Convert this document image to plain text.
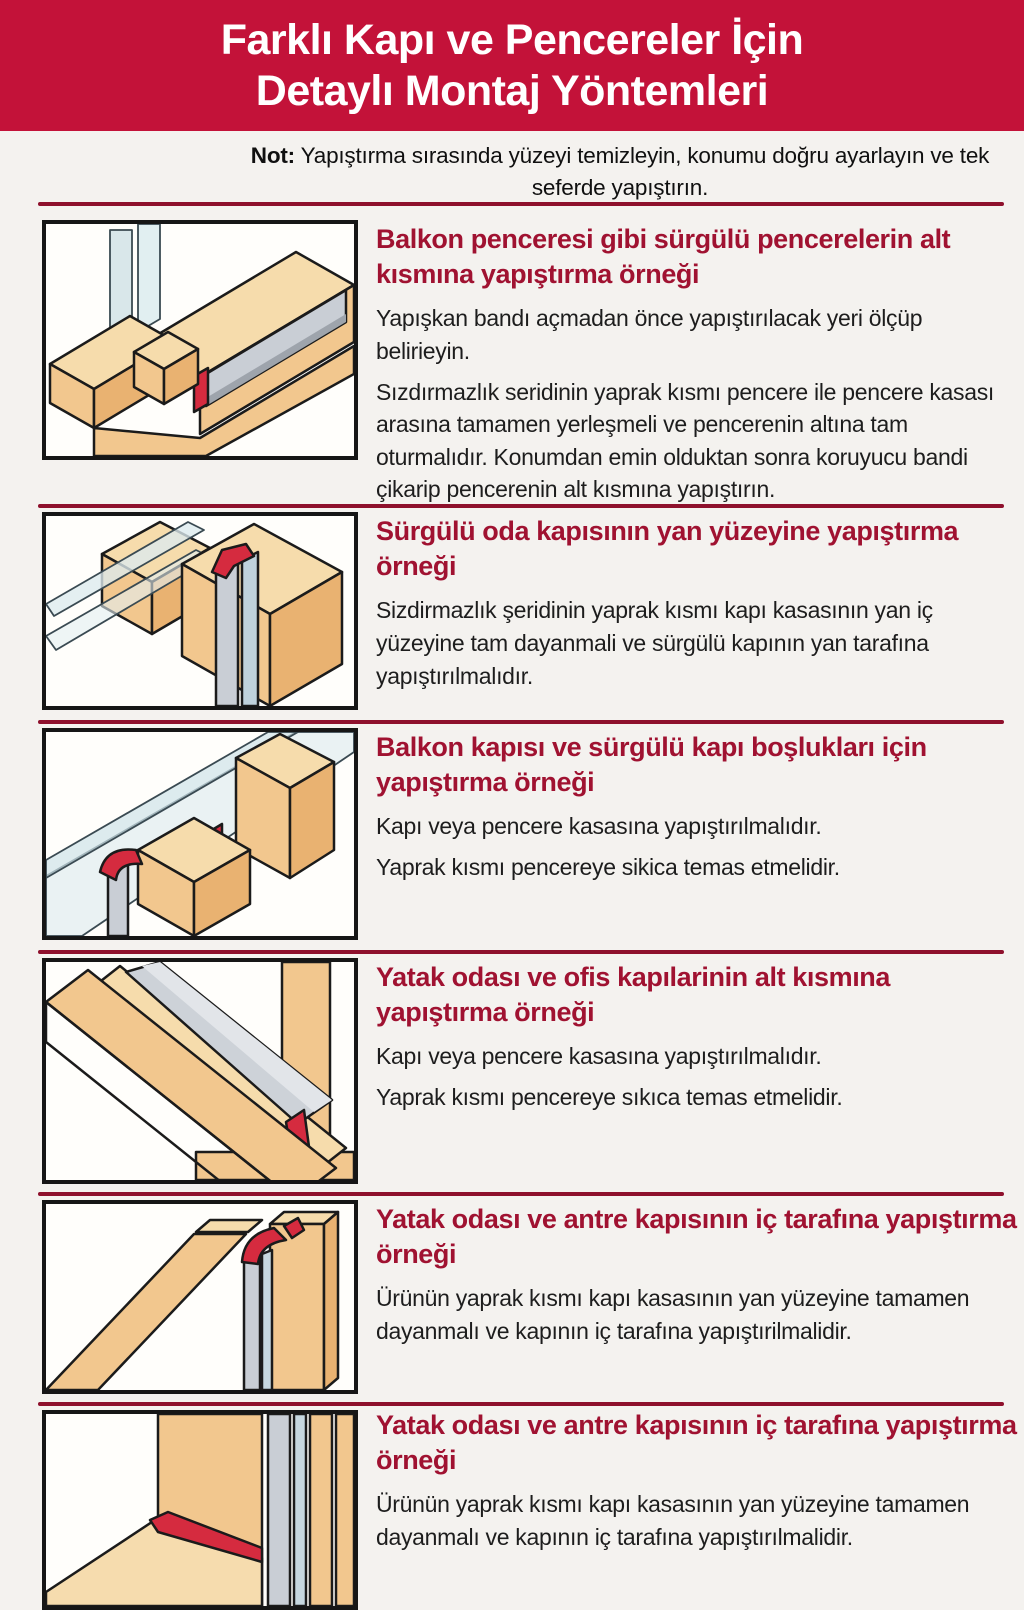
Farklı Kapı ve Pencereler İçin
Detaylı Montaj Yöntemleri
Not: Yapıştırma sırasında yüzeyi temizleyin, konumu doğru ayarlayın ve tek seferde yapıştırın.
Balkon penceresi gibi sürgülü pencerelerin alt kısmına yapıştırma örneği

Yapışkan bandı açmadan önce yapıştırılacak yeri ölçüp belirieyin.

Sızdırmazlık seridinin yaprak kısmı pencere ile pencere kasası arasına tamamen yerleşmeli ve pencerenin altına tam oturmalıdır. Konumdan emin olduktan sonra koruyucu bandi çikarip pencerenin alt kısmına yapıştırın.

Sürgülü oda kapısının yan yüzeyine yapıştırma örneği

Sizdirmazlık şeridinin yaprak kısmı kapı kasasının yan iç yüzeyine tam dayanmali ve sürgülü kapının yan tarafına yapıştırılmalıdır.

Balkon kapısı ve sürgülü kapı boşlukları için yapıştırma örneği

Kapı veya pencere kasasına yapıştırılmalıdır.

Yaprak kısmı pencereye sikica temas etmelidir.

Yatak odası ve ofis kapılarinin alt kısmına yapıştırma örneği

Kapı veya pencere kasasına yapıştırılmalıdır.

Yaprak kısmı pencereye sıkıca temas etmelidir.

Yatak odası ve antre kapısının iç tarafına yapıştırma örneği

Ürünün yaprak kısmı kapı kasasının yan yüzeyine tamamen dayanmalı ve kapının iç tarafına yapıştırilmalidir.

Yatak odası ve antre kapısının iç tarafına yapıştırma örneği

Ürünün yaprak kısmı kapı kasasının yan yüzeyine tamamen dayanmalı ve kapının iç tarafına yapıştırılmalidir.
